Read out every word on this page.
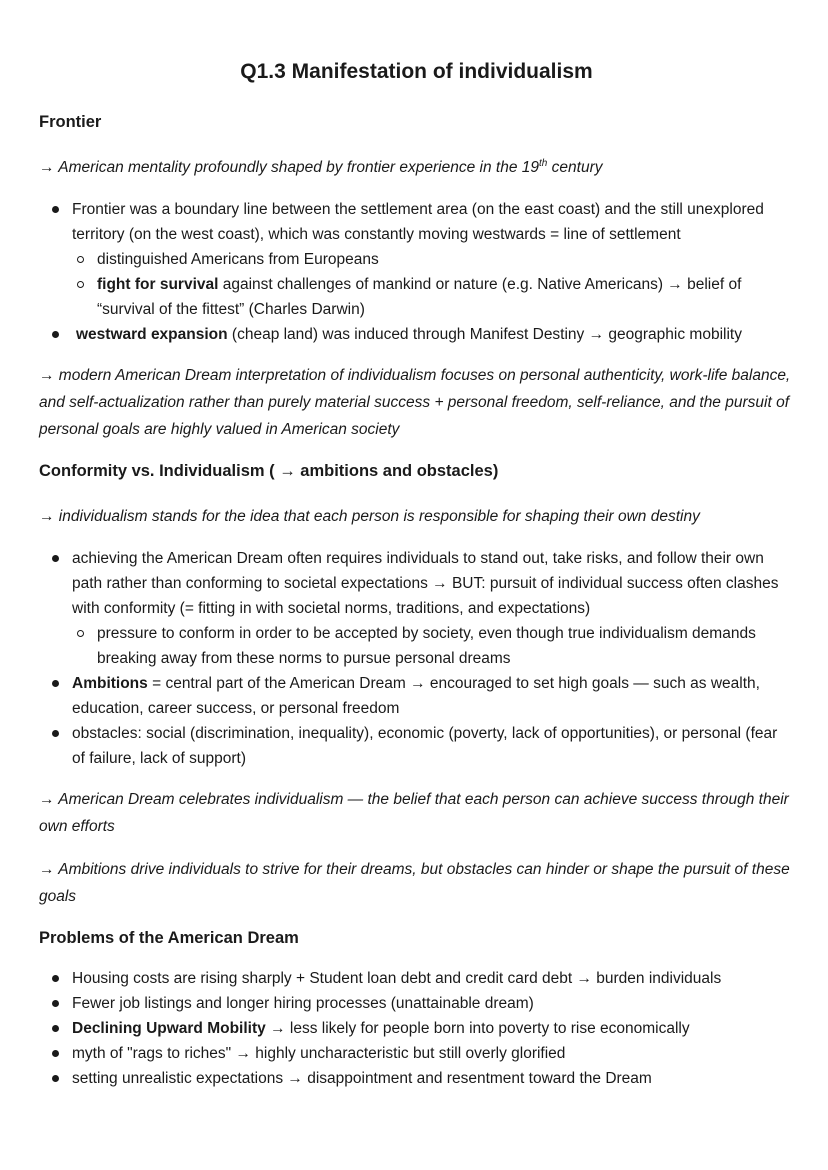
Q1.3 Manifestation of individualism
Frontier

→ American mentality profoundly shaped by frontier experience in the 19th century

Frontier was a boundary line between the settlement area (on the east coast) and the still unexplored territory (on the west coast), which was constantly moving westwards = line of settlement
distinguished Americans from Europeans
fight for survival against challenges of mankind or nature (e.g. Native Americans) → belief of “survival of the fittest” (Charles Darwin)
westward expansion (cheap land) was induced through Manifest Destiny → geographic mobility

→ modern American Dream interpretation of individualism focuses on personal authenticity, work-life balance, and self-actualization rather than purely material success + personal freedom, self-reliance, and the pursuit of personal goals are highly valued in American society

Conformity vs. Individualism ( → ambitions and obstacles)

→ individualism stands for the idea that each person is responsible for shaping their own destiny

achieving the American Dream often requires individuals to stand out, take risks, and follow their own path rather than conforming to societal expectations → BUT: pursuit of individual success often clashes with conformity (= fitting in with societal norms, traditions, and expectations)
pressure to conform in order to be accepted by society, even though true individualism demands breaking away from these norms to pursue personal dreams
Ambitions = central part of the American Dream → encouraged to set high goals — such as wealth, education, career success, or personal freedom
obstacles: social (discrimination, inequality), economic (poverty, lack of opportunities), or personal (fear of failure, lack of support)

→ American Dream celebrates individualism — the belief that each person can achieve success through their own efforts

→ Ambitions drive individuals to strive for their dreams, but obstacles can hinder or shape the pursuit of these goals

Problems of the American Dream
Housing costs are rising sharply + Student loan debt and credit card debt → burden individuals
Fewer job listings and longer hiring processes (unattainable dream)
Declining Upward Mobility → less likely for people born into poverty to rise economically
myth of "rags to riches" → highly uncharacteristic but still overly glorified
setting unrealistic expectations → disappointment and resentment toward the Dream
